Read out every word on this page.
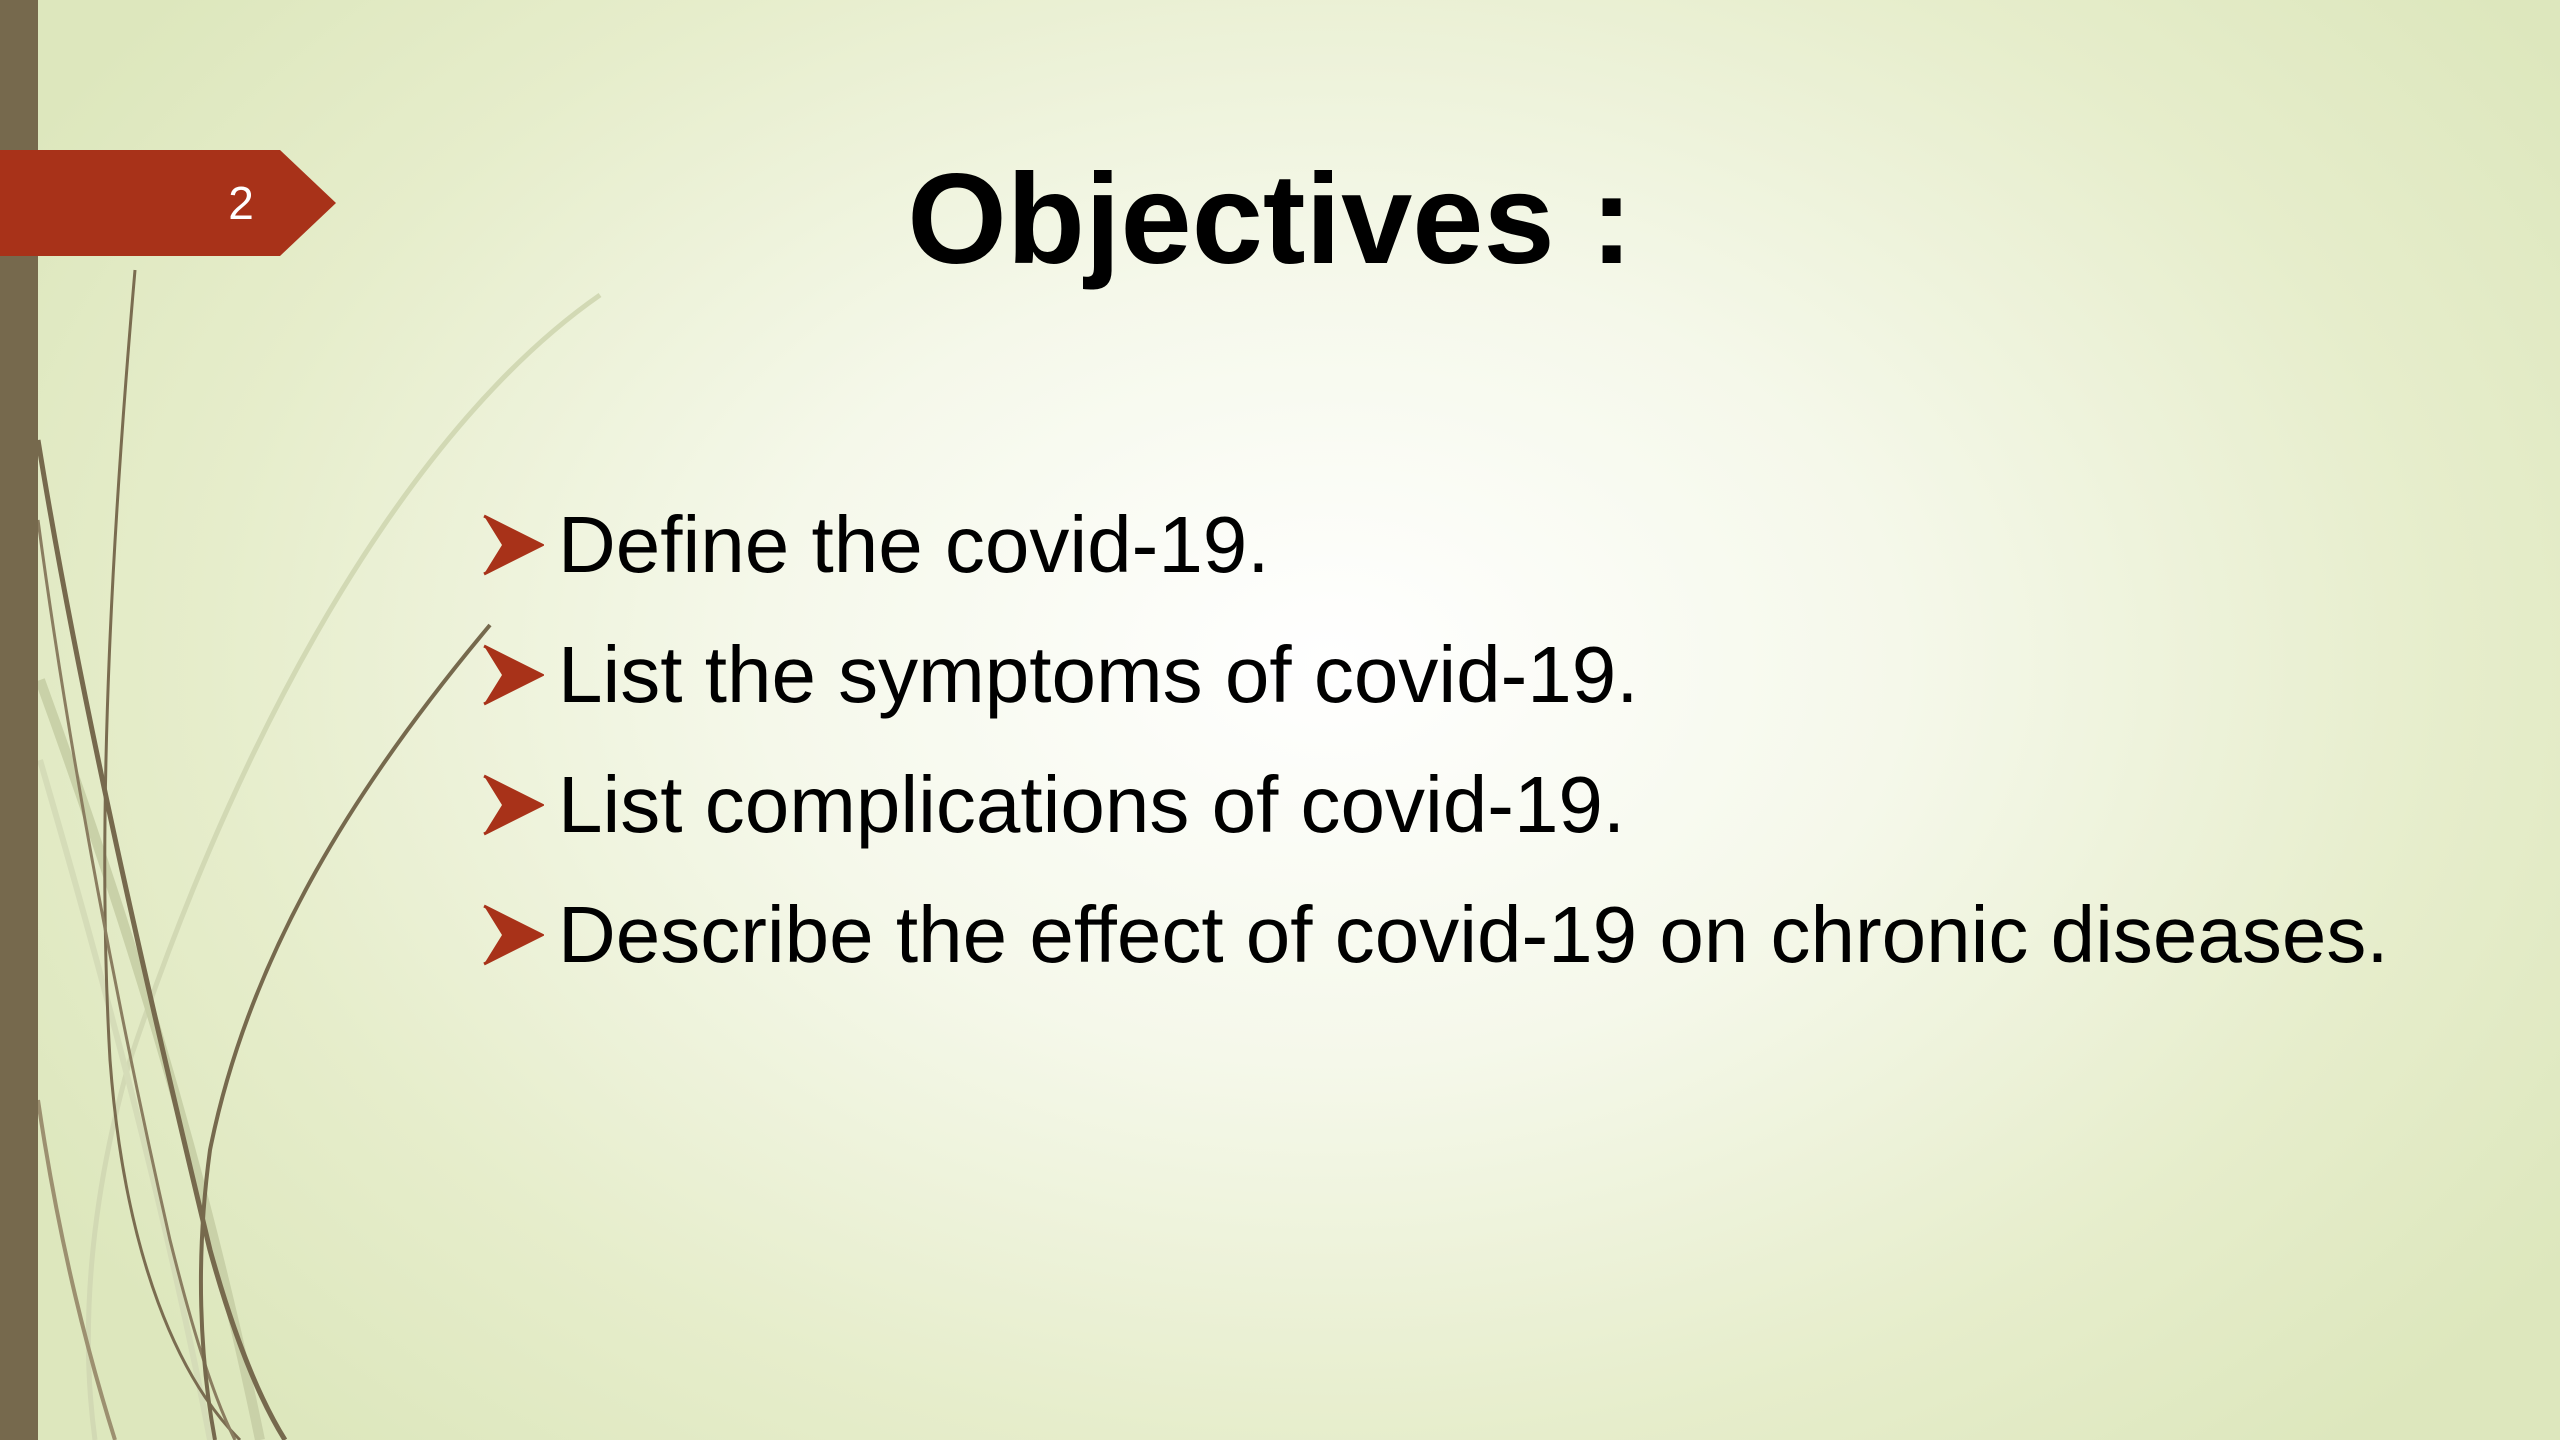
2	Objectives :
Define the covid-19.
List the symptoms of covid-19.
List complications of covid-19.
Describe the effect of covid-19 on chronic diseases.
